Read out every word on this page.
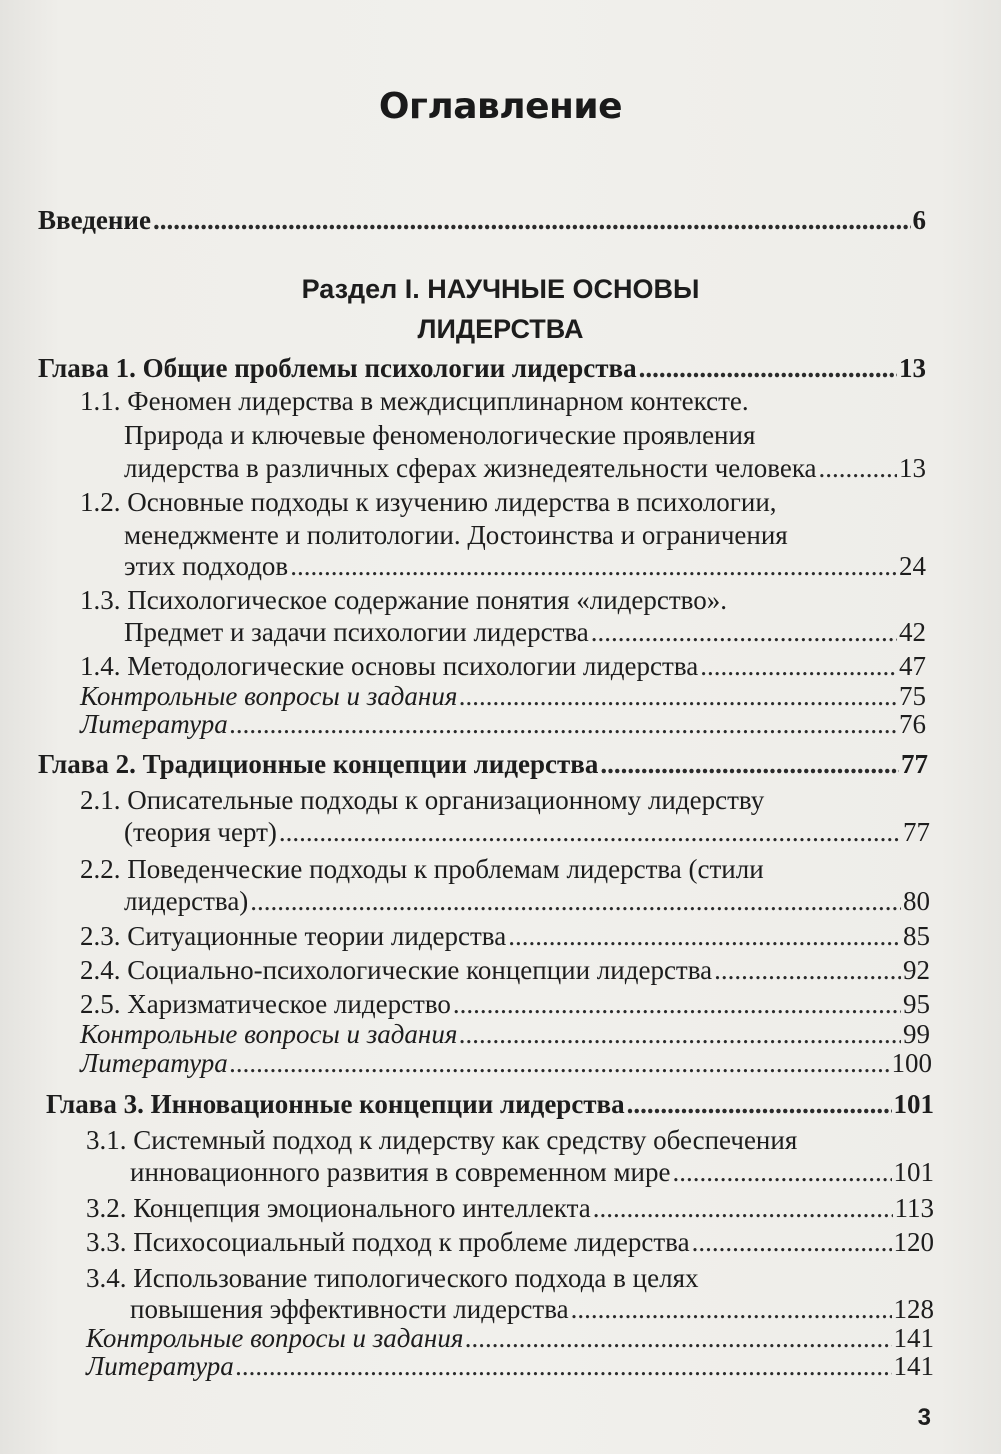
Оглавление
Введение .....	6
Раздел I. НАУЧНЫЕ ОСНОВЫ
ЛИДЕРСТВА
Глава 1. Общие проблемы психологии лидерства .....	13
1.1. Феномен лидерства в междисциплинарном контексте.
Природа и ключевые феноменологические проявления
лидерства в различных сферах жизнедеятельности человека .....	13
1.2. Основные подходы к изучению лидерства в психологии,
менеджменте и политологии. Достоинства и ограничения
этих подходов .....	24
1.3. Психологическое содержание понятия «лидерство».
Предмет и задачи психологии лидерства .....	42
1.4. Методологические основы психологии лидерства .....	47
Контрольные вопросы и задания .....	75
Литература .....	76
Глава 2. Традиционные концепции лидерства .....	77
2.1. Описательные подходы к организационному лидерству
(теория черт) .....	77
2.2. Поведенческие подходы к проблемам лидерства (стили
лидерства) .....	80
2.3. Ситуационные теории лидерства .....	85
2.4. Социально-психологические концепции лидерства .....	92
2.5. Харизматическое лидерство .....	95
Контрольные вопросы и задания .....	99
Литература .....	100
Глава 3. Инновационные концепции лидерства .....	101
3.1. Системный подход к лидерству как средству обеспечения
инновационного развития в современном мире .....	101
3.2. Концепция эмоционального интеллекта .....	113
3.3. Психосоциальный подход к проблеме лидерства .....	120
3.4. Использование типологического подхода в целях
повышения эффективности лидерства .....	128
Контрольные вопросы и задания .....	141
Литература .....	141
3
